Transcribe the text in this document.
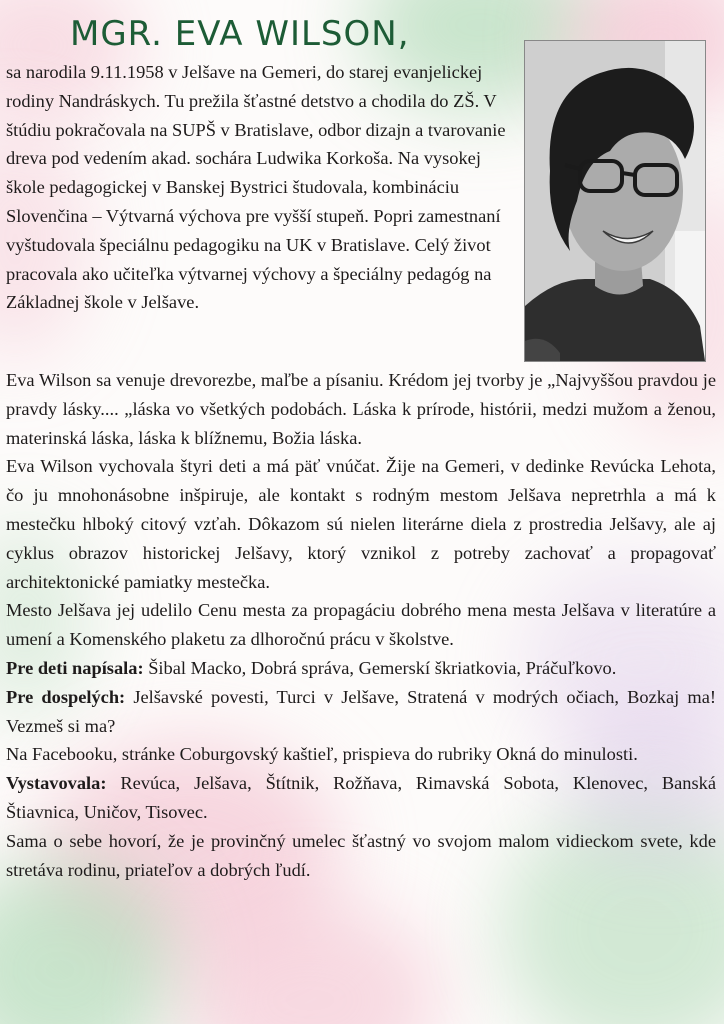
MGR. EVA WILSON,

sa narodila 9.11.1958 v Jelšave na Gemeri, do starej evanjelickej rodiny Nandráskych. Tu prežila šťastné detstvo a chodila do ZŠ. V štúdiu pokračovala na SUPŠ v Bratislave, odbor dizajn a tvarovanie dreva pod vedením akad. sochára Ludwika Korkoša. Na vysokej škole pedagogickej v Banskej Bystrici študovala, kombináciu Slovenčina – Výtvarná výchova pre vyšší stupeň. Popri zamestnaní vyštudovala špeciálnu pedagogiku na UK v Bratislave. Celý život pracovala ako učiteľka výtvarnej výchovy a špeciálny pedagóg na Základnej škole v Jelšave.

Eva Wilson sa venuje drevorezbe, maľbe a písaniu. Krédom jej tvorby je „Najvyššou pravdou je pravdy lásky.... „láska vo všetkých podobách. Láska k prírode, histórii, medzi mužom a ženou, materinská láska, láska k blížnemu, Božia láska.

Eva Wilson vychovala štyri deti a má päť vnúčat. Žije na Gemeri, v dedinke Revúcka Lehota, čo ju mnohonásobne inšpiruje, ale kontakt s rodným mestom Jelšava nepretrhla a má k mestečku hlboký citový vzťah. Dôkazom sú nielen literárne diela z prostredia Jelšavy, ale aj cyklus obrazov historickej Jelšavy, ktorý vznikol z potreby zachovať a propagovať architektonické pamiatky mestečka.

Mesto Jelšava jej udelilo Cenu mesta za propagáciu dobrého mena mesta Jelšava v literatúre a umení a Komenského plaketu za dlhoročnú prácu v školstve.

Pre deti napísala: Šibal Macko, Dobrá správa, Gemerskí škriatkovia, Práčuľkovo.

Pre dospelých: Jelšavské povesti, Turci v Jelšave, Stratená v modrých očiach, Bozkaj ma! Vezmeš si ma?

Na Facebooku, stránke Coburgovský kaštieľ, prispieva do rubriky Okná do minulosti.

Vystavovala: Revúca, Jelšava, Štítnik, Rožňava, Rimavská Sobota, Klenovec, Banská Štiavnica, Uničov, Tisovec.

Sama o sebe hovorí, že je provinčný umelec šťastný vo svojom malom vidieckom svete, kde stretáva rodinu, priateľov a dobrých ľudí.
